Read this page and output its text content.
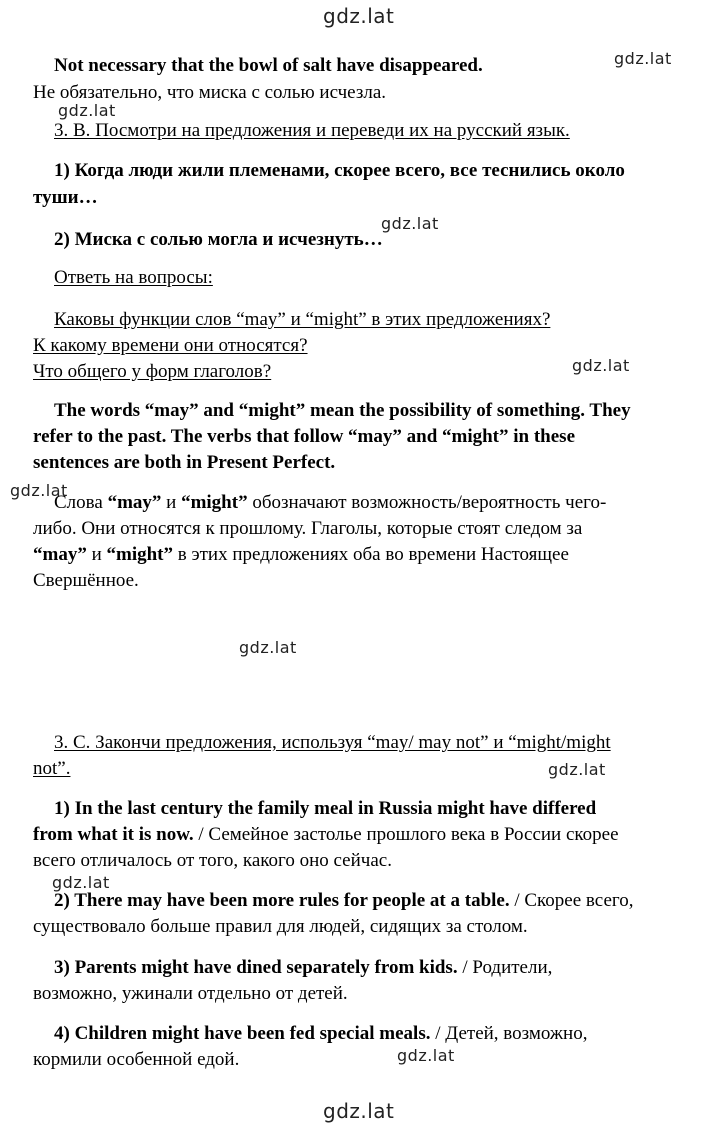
gdz.lat
gdz.lat
gdz.lat
gdz.lat
gdz.lat
gdz.lat
gdz.lat
gdz.lat
gdz.lat
gdz.lat
gdz.lat
Not necessary that the bowl of salt have disappeared.
Не обязательно, что миска с солью исчезла.
3. B. Посмотри на предложения и переведи их на русский язык.
1) Когда люди жили племенами, скорее всего, все теснились около
туши…
2) Миска с солью могла и исчезнуть…
Ответь на вопросы:
Каковы функции слов “may” и “might” в этих предложениях?
К какому времени они относятся?
Что общего у форм глаголов?
The words “may” and “might” mean the possibility of something. They
refer to the past. The verbs that follow “may” and “might” in these
sentences are both in Present Perfect.
Слова “may” и “might” обозначают возможность/вероятность чего-
либо. Они относятся к прошлому. Глаголы, которые стоят следом за
“may” и “might” в этих предложениях оба во времени Настоящее
Свершённое.
3. C. Закончи предложения, используя “may/ may not” и “might/might
not”.
1) In the last century the family meal in Russia might have differed
from what it is now. / Семейное застолье прошлого века в России скорее
всего отличалось от того, какого оно сейчас.
2) There may have been more rules for people at a table. / Скорее всего,
существовало больше правил для людей, сидящих за столом.
3) Parents might have dined separately from kids. / Родители,
возможно, ужинали отдельно от детей.
4) Children might have been fed special meals. / Детей, возможно,
кормили особенной едой.
